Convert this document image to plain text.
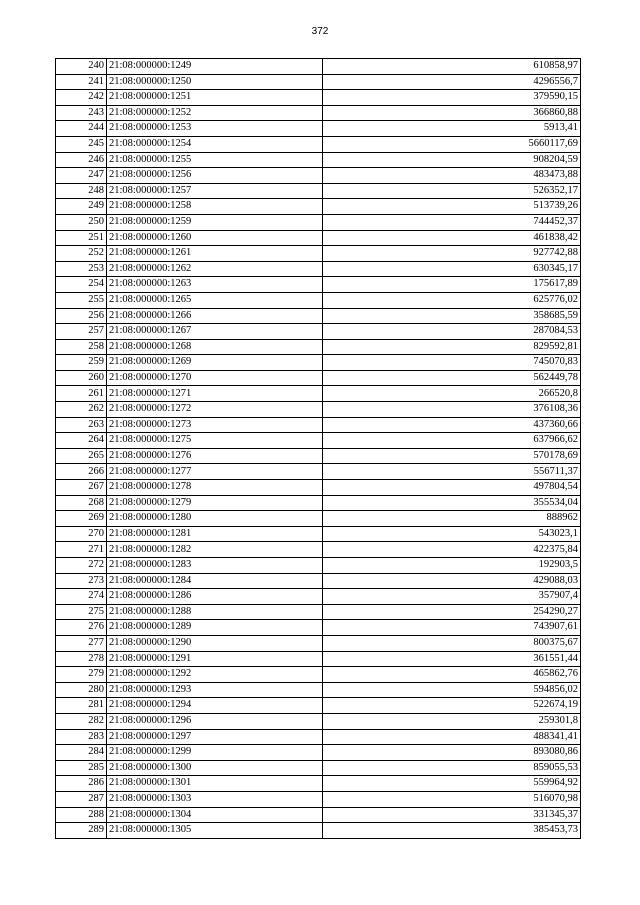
372
240	21:08:000000:1249	610858,97
241	21:08:000000:1250	4296556,7
242	21:08:000000:1251	379590,15
243	21:08:000000:1252	366860,88
244	21:08:000000:1253	5913,41
245	21:08:000000:1254	5660117,69
246	21:08:000000:1255	908204,59
247	21:08:000000:1256	483473,88
248	21:08:000000:1257	526352,17
249	21:08:000000:1258	513739,26
250	21:08:000000:1259	744452,37
251	21:08:000000:1260	461838,42
252	21:08:000000:1261	927742,88
253	21:08:000000:1262	630345,17
254	21:08:000000:1263	175617,89
255	21:08:000000:1265	625776,02
256	21:08:000000:1266	358685,59
257	21:08:000000:1267	287084,53
258	21:08:000000:1268	829592,81
259	21:08:000000:1269	745070,83
260	21:08:000000:1270	562449,78
261	21:08:000000:1271	266520,8
262	21:08:000000:1272	376108,36
263	21:08:000000:1273	437360,66
264	21:08:000000:1275	637966,62
265	21:08:000000:1276	570178,69
266	21:08:000000:1277	556711,37
267	21:08:000000:1278	497804,54
268	21:08:000000:1279	355534,04
269	21:08:000000:1280	888962
270	21:08:000000:1281	543023,1
271	21:08:000000:1282	422375,84
272	21:08:000000:1283	192903,5
273	21:08:000000:1284	429088,03
274	21:08:000000:1286	357907,4
275	21:08:000000:1288	254290,27
276	21:08:000000:1289	743907,61
277	21:08:000000:1290	800375,67
278	21:08:000000:1291	361551,44
279	21:08:000000:1292	465862,76
280	21:08:000000:1293	594856,02
281	21:08:000000:1294	522674,19
282	21:08:000000:1296	259301,8
283	21:08:000000:1297	488341,41
284	21:08:000000:1299	893080,86
285	21:08:000000:1300	859055,53
286	21:08:000000:1301	559964,92
287	21:08:000000:1303	516070,98
288	21:08:000000:1304	331345,37
289	21:08:000000:1305	385453,73
